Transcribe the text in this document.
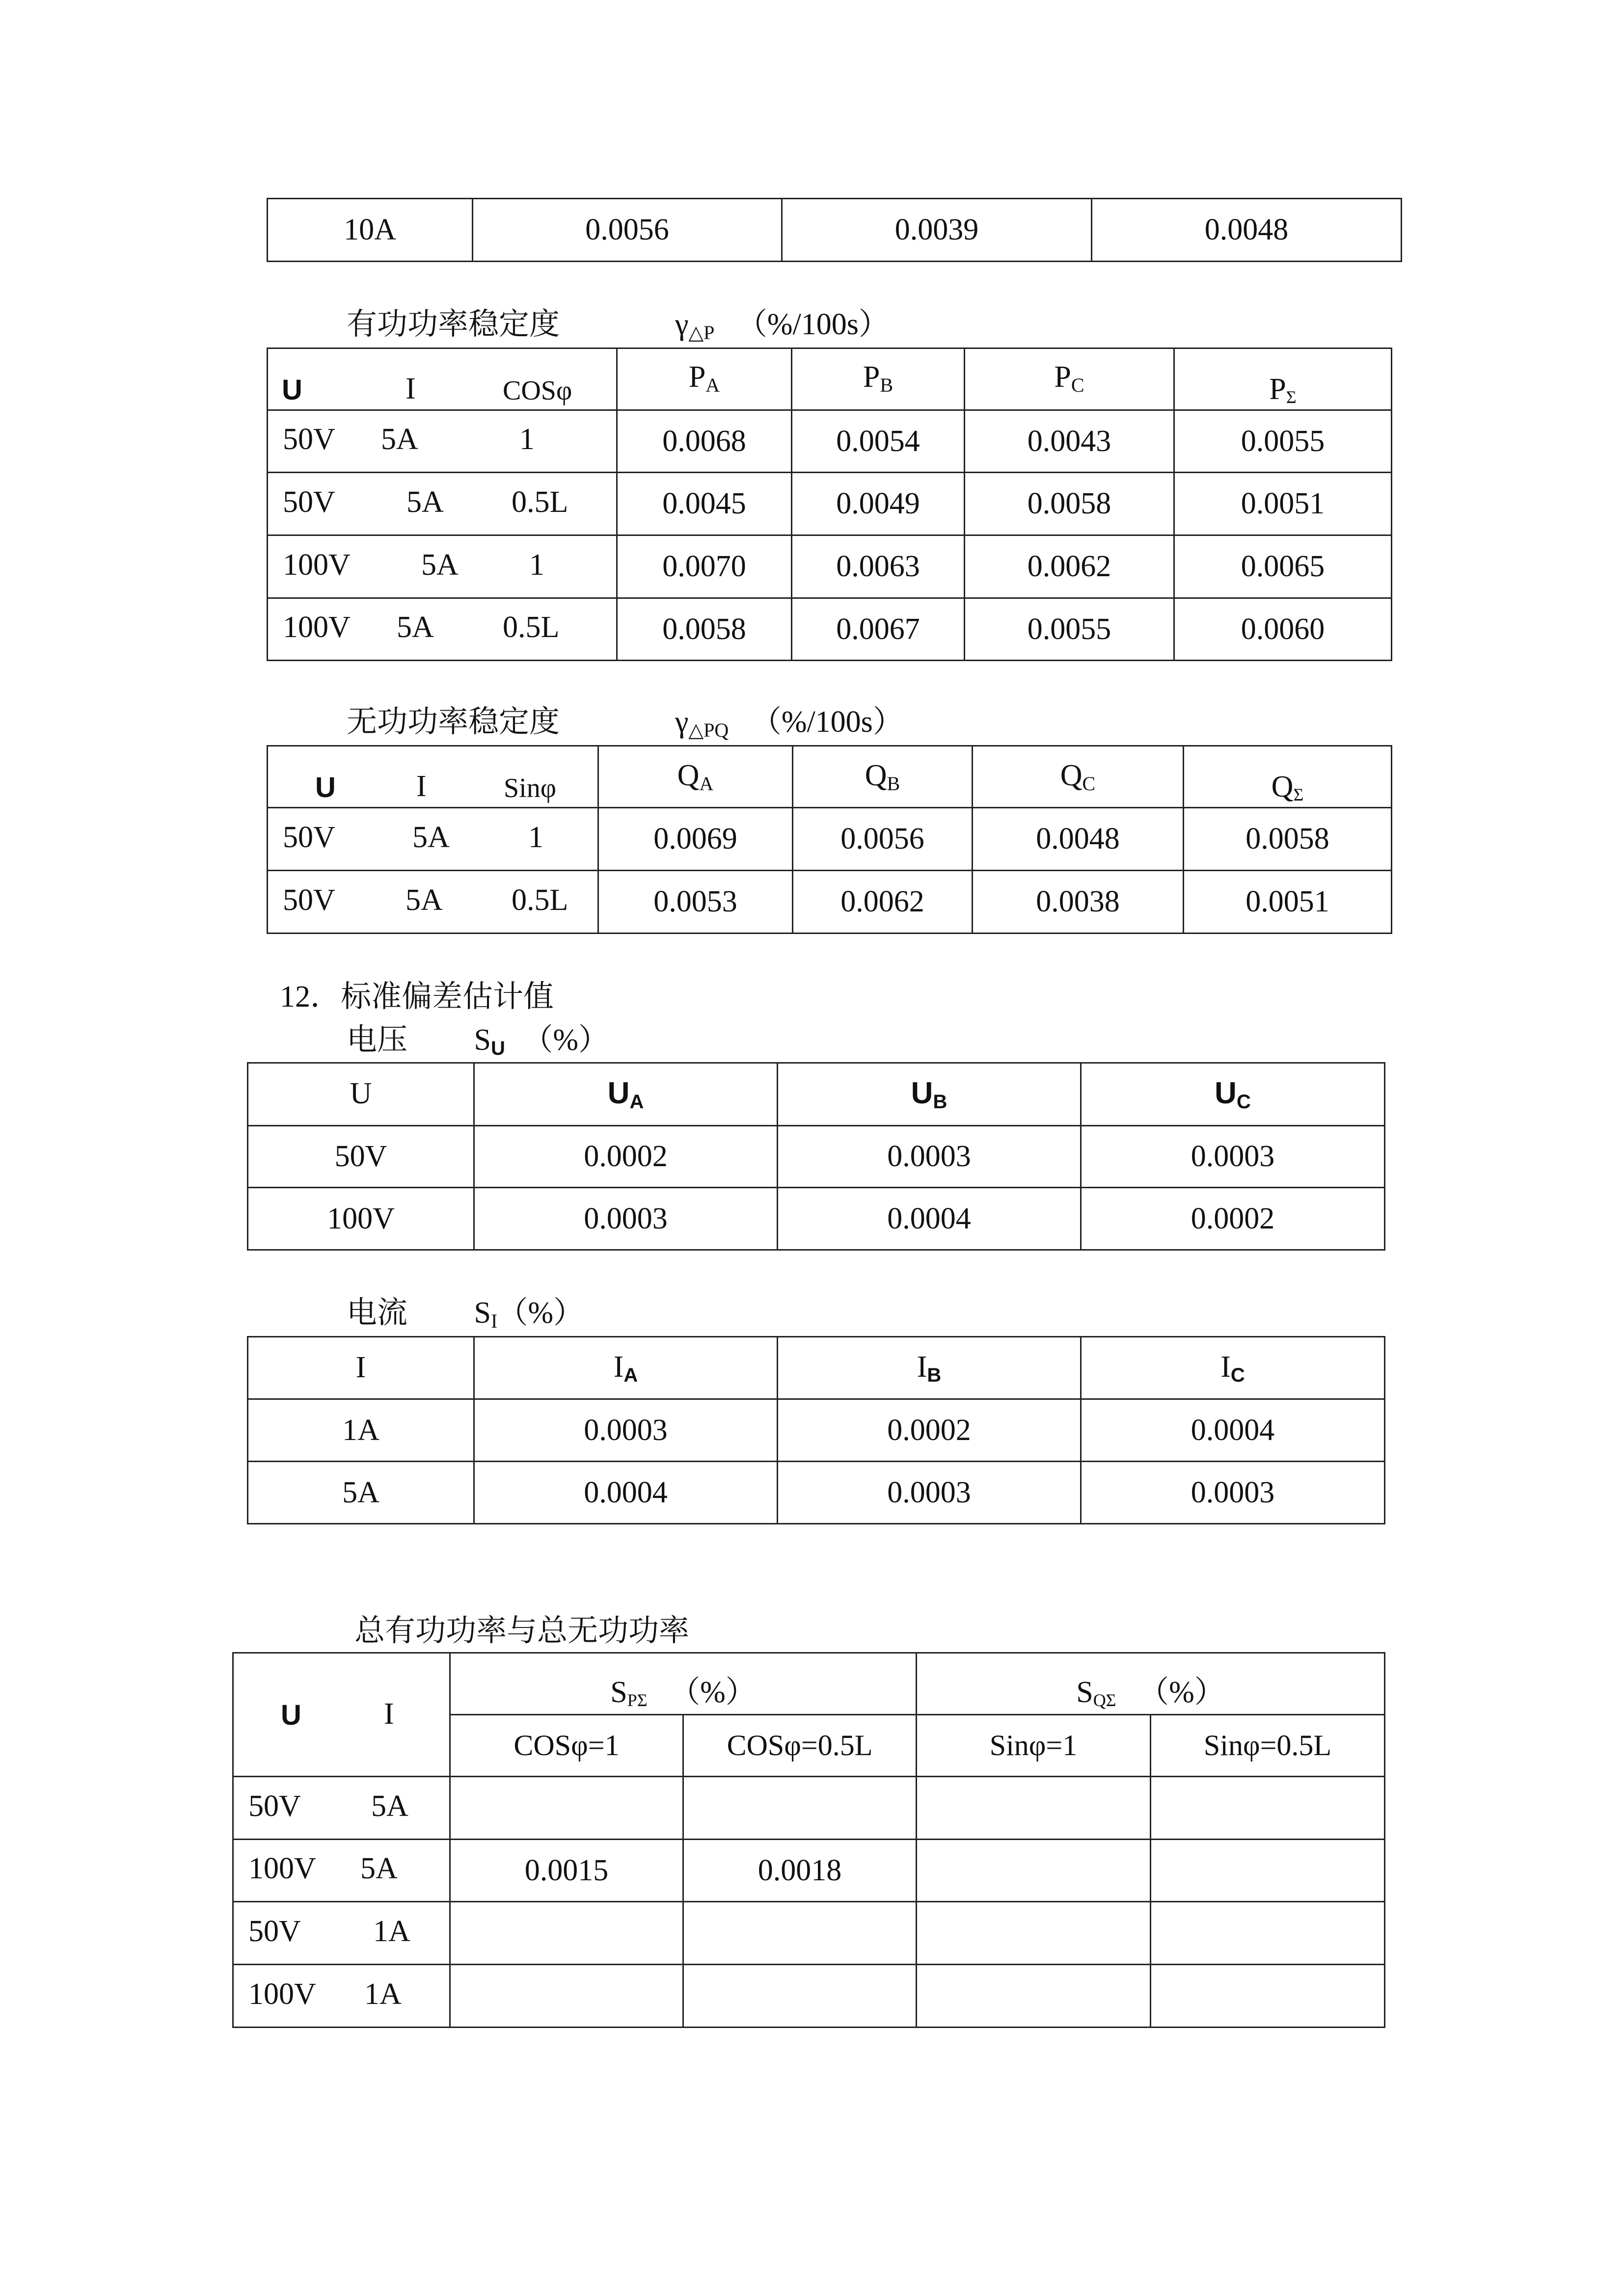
10A	0.0056	0.0039	0.0048
有功功率稳定度	$\gamma_{\triangle P}$ （%/100s）
U I COSφ	$P_A$	$P_B$	$P_C$	PΣ

50V 5A 1	0.0068	0.0054	0.0043	0.0055

50V 5A 0.5L	0.0045	0.0049	0.0058	0.0051

100V 5A 1	0.0070	0.0063	0.0062	0.0065

100V 5A 0.5L	0.0058	0.0067	0.0055	0.0060
无功功率稳定度	$\gamma_{\triangle PQ}$ （%/100s）
U I Sinφ	$Q_A$	$Q_B$	$Q_C$	QΣ

50V 5A 1	0.0069	0.0056	0.0048	0.0058

50V 5A 0.5L	0.0053	0.0062	0.0038	0.0051
12．标准偏差估计值
电压 $S_U$ （%）
U	$U_A$	$U_B$	$U_C$
50V	0.0002	0.0003	0.0003
100V	0.0003	0.0004	0.0002
电流 $S_I(\%)$
I	$I_A$	$I_B$	$I_C$
1A	0.0003	0.0002	0.0004
5A	0.0004	0.0003	0.0003
总有功功率与总无功功率
U I	SPΣ （%）		SQΣ （%）	
	COSφ=1	COSφ=0.5L	Sinφ=1	Sinφ=0.5L

50V 5A				

100V 5A	0.0015	0.0018		

50V 1A				

100V 1A				
